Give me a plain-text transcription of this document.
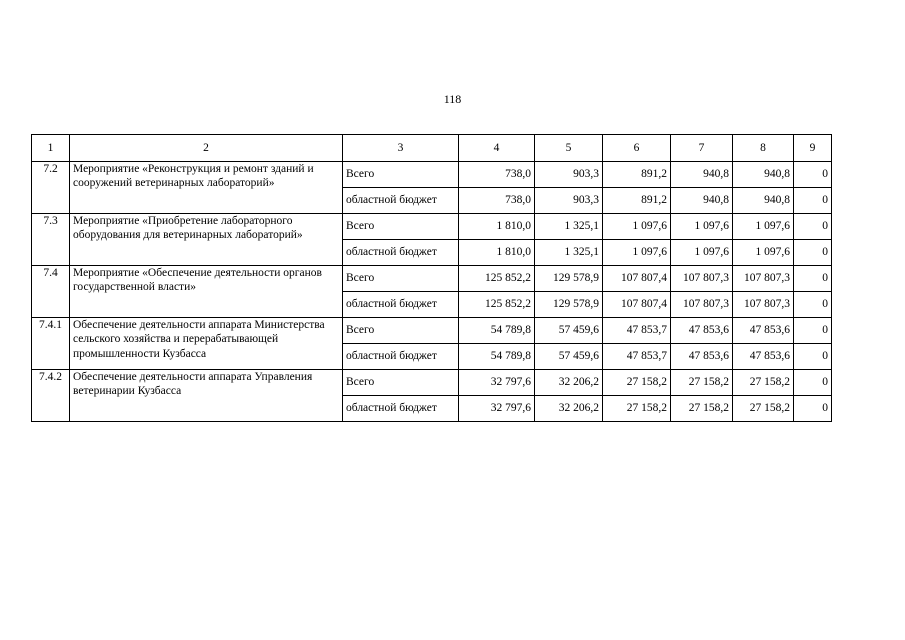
118
1	2	3	4	5	6	7	8	9
7.2	Мероприятие «Реконструкция и ремонт зданий и сооружений ветеринарных лабораторий»	Всего	738,0	903,3	891,2	940,8	940,8	0
		областной бюджет	738,0	903,3	891,2	940,8	940,8	0
7.3	Мероприятие «Приобретение лабораторного оборудования для ветеринарных лабораторий»	Всего	1 810,0	1 325,1	1 097,6	1 097,6	1 097,6	0
		областной бюджет	1 810,0	1 325,1	1 097,6	1 097,6	1 097,6	0
7.4	Мероприятие «Обеспечение деятельности органов государственной власти»	Всего	125 852,2	129 578,9	107 807,4	107 807,3	107 807,3	0
		областной бюджет	125 852,2	129 578,9	107 807,4	107 807,3	107 807,3	0
7.4.1	Обеспечение деятельности аппарата Министерства сельского хозяйства и перерабатывающей промышленности Кузбасса	Всего	54 789,8	57 459,6	47 853,7	47 853,6	47 853,6	0
		областной бюджет	54 789,8	57 459,6	47 853,7	47 853,6	47 853,6	0
7.4.2	Обеспечение деятельности аппарата Управления ветеринарии Кузбасса	Всего	32 797,6	32 206,2	27 158,2	27 158,2	27 158,2	0
		областной бюджет	32 797,6	32 206,2	27 158,2	27 158,2	27 158,2	0
